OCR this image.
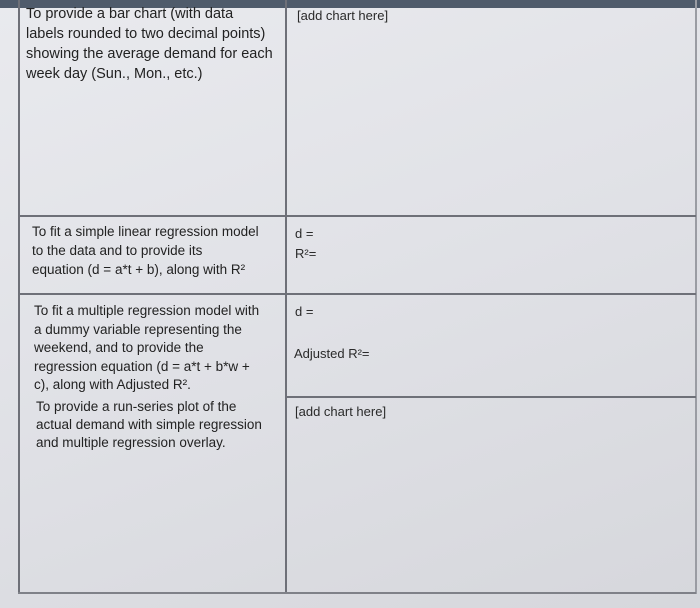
To provide a bar chart (with data
labels rounded to two decimal points)
showing the average demand for each
week day (Sun., Mon., etc.)
[add chart here]
To fit a simple linear regression model
to the data and to provide its
equation (d = a*t + b), along with R²
d =
R²=
To fit a multiple regression model with
a dummy variable representing the
weekend, and to provide the
regression equation (d = a*t + b*w +
c), along with Adjusted R².
d =
Adjusted R²=
To provide a run-series plot of the
actual demand with simple regression
and multiple regression overlay.
[add chart here]
